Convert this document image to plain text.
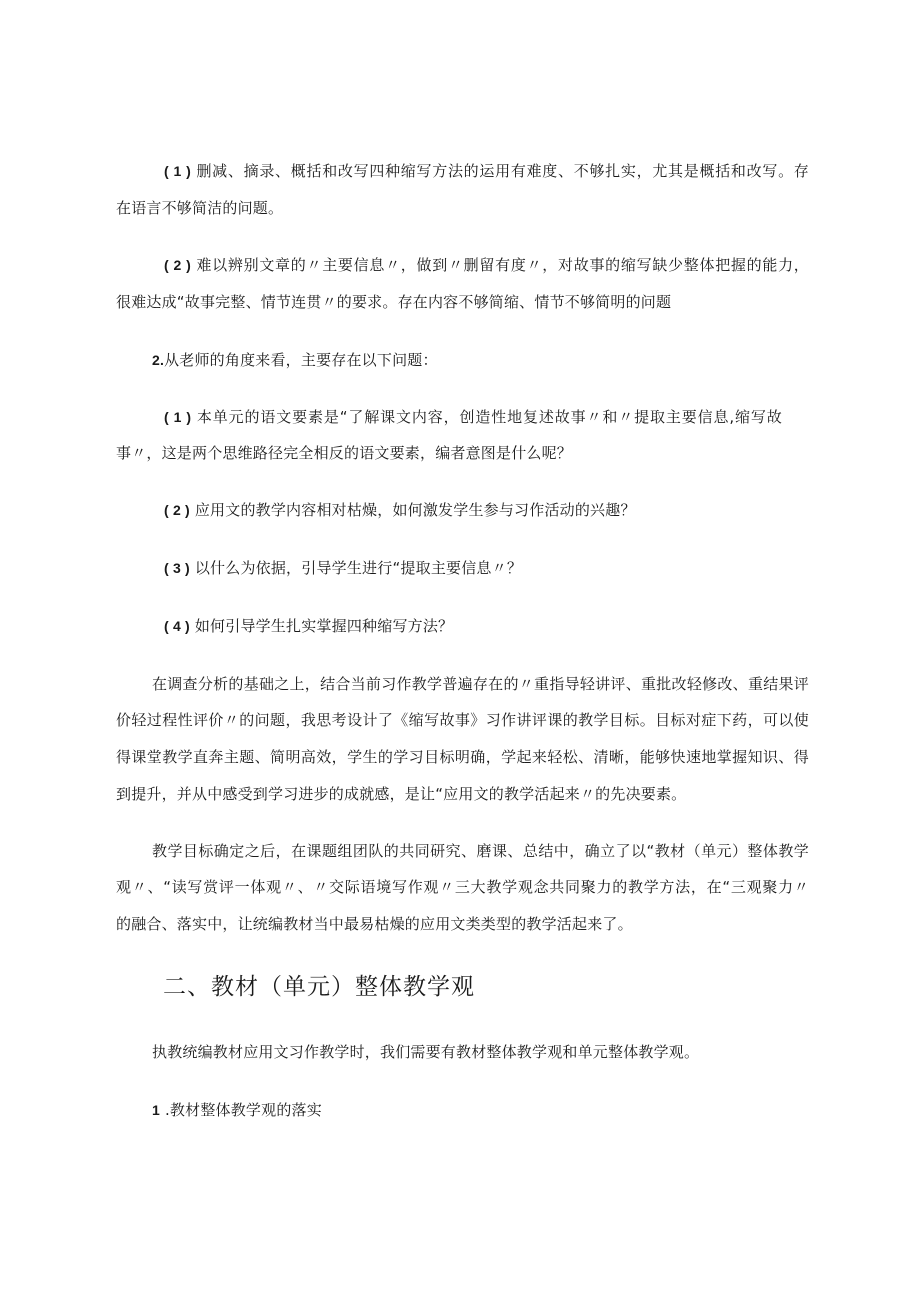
( 1 ) 删减、摘录、概括和改写四种缩写方法的运用有难度、不够扎实，尤其是概括和改写。存
在语言不够简洁的问题。
( 2 ) 难以辨别文章的〃主要信息〃，做到〃删留有度〃，对故事的缩写缺少整体把握的能力，
很难达成“故事完整、情节连贯〃的要求。存在内容不够简缩、情节不够简明的问题
2.从老师的角度来看，主要存在以下问题：
( 1 ) 本单元的语文要素是“了解课文内容，创造性地复述故事〃和〃提取主要信息,缩写故
事〃，这是两个思维路径完全相反的语文要素，编者意图是什么呢？
( 2 ) 应用文的教学内容相对枯燥，如何激发学生参与习作活动的兴趣？
( 3 ) 以什么为依据，引导学生进行“提取主要信息〃？
( 4 ) 如何引导学生扎实掌握四种缩写方法？
在调查分析的基础之上，结合当前习作教学普遍存在的〃重指导轻讲评、重批改轻修改、重结果评
价轻过程性评价〃的问题，我思考设计了《缩写故事》习作讲评课的教学目标。目标对症下药，可以使
得课堂教学直奔主题、简明高效，学生的学习目标明确，学起来轻松、清晰，能够快速地掌握知识、得
到提升，并从中感受到学习进步的成就感，是让“应用文的教学活起来〃的先决要素。
教学目标确定之后，在课题组团队的共同研究、磨课、总结中，确立了以“教材（单元）整体教学
观〃、“读写赏评一体观〃、〃交际语境写作观〃三大教学观念共同聚力的教学方法，在“三观聚力〃
的融合、落实中，让统编教材当中最易枯燥的应用文类类型的教学活起来了。
二、教材（单元）整体教学观
执教统编教材应用文习作教学时，我们需要有教材整体教学观和单元整体教学观。
1 .教材整体教学观的落实
